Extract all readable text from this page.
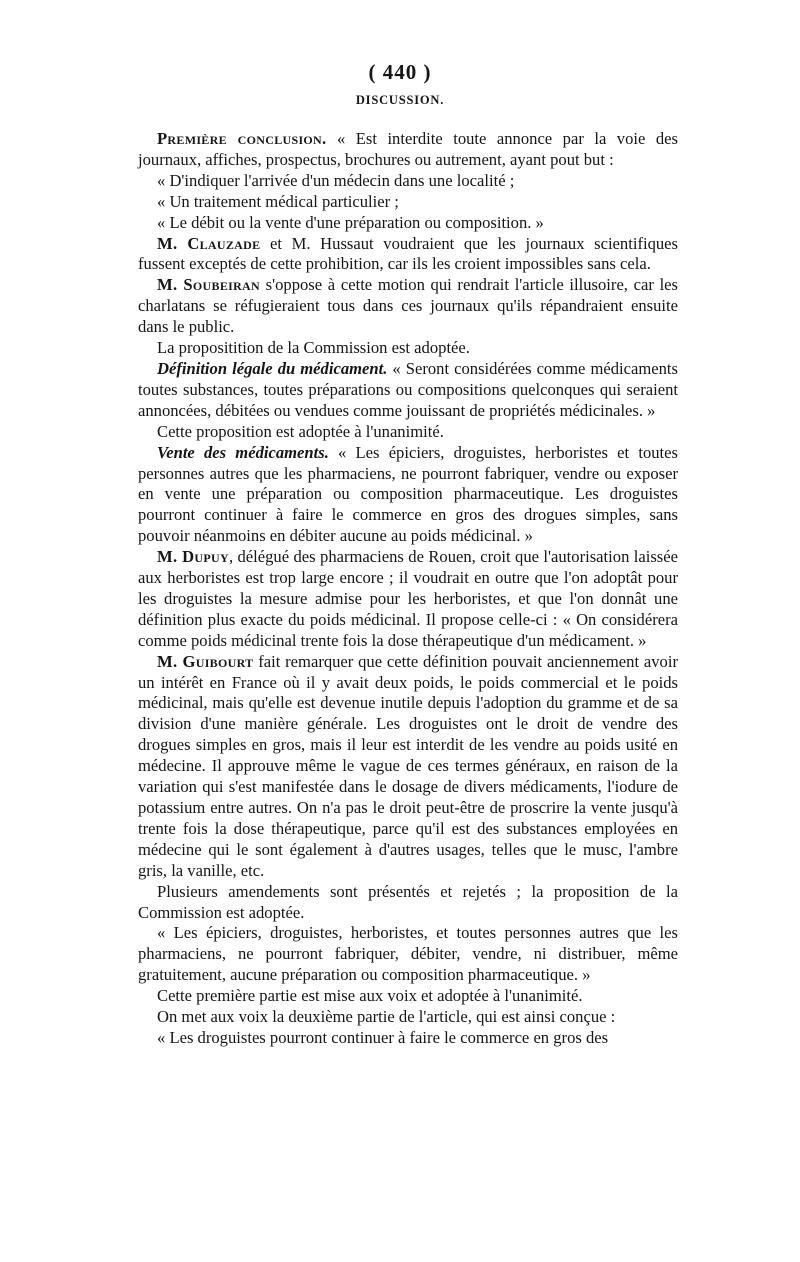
( 440 )
DISCUSSION.

Première conclusion. « Est interdite toute annonce par la voie des journaux, affiches, prospectus, brochures ou autrement, ayant pout but :

« D'indiquer l'arrivée d'un médecin dans une localité ;

« Un traitement médical particulier ;

« Le débit ou la vente d'une préparation ou composition. »

M. Clauzade et M. Hussaut voudraient que les journaux scientifiques fussent exceptés de cette prohibition, car ils les croient impossibles sans cela.

M. Soubeiran s'oppose à cette motion qui rendrait l'article illusoire, car les charlatans se réfugieraient tous dans ces journaux qu'ils répandraient ensuite dans le public.

La propositition de la Commission est adoptée.

Définition légale du médicament. « Seront considérées comme médicaments toutes substances, toutes préparations ou compositions quelconques qui seraient annoncées, débitées ou vendues comme jouissant de propriétés médicinales. »

Cette proposition est adoptée à l'unanimité.

Vente des médicaments. « Les épiciers, droguistes, herboristes et toutes personnes autres que les pharmaciens, ne pourront fabriquer, vendre ou exposer en vente une préparation ou composition pharmaceutique. Les droguistes pourront continuer à faire le commerce en gros des drogues simples, sans pouvoir néanmoins en débiter aucune au poids médicinal. »

M. Dupuy, délégué des pharmaciens de Rouen, croit que l'autorisation laissée aux herboristes est trop large encore ; il voudrait en outre que l'on adoptât pour les droguistes la mesure admise pour les herboristes, et que l'on donnât une définition plus exacte du poids médicinal. Il propose celle-ci : « On considérera comme poids médicinal trente fois la dose thérapeutique d'un médicament. »

M. Guibourt fait remarquer que cette définition pouvait anciennement avoir un intérêt en France où il y avait deux poids, le poids commercial et le poids médicinal, mais qu'elle est devenue inutile depuis l'adoption du gramme et de sa division d'une manière générale. Les droguistes ont le droit de vendre des drogues simples en gros, mais il leur est interdit de les vendre au poids usité en médecine. Il approuve même le vague de ces termes généraux, en raison de la variation qui s'est manifestée dans le dosage de divers médicaments, l'iodure de potassium entre autres. On n'a pas le droit peut-être de proscrire la vente jusqu'à trente fois la dose thérapeutique, parce qu'il est des substances employées en médecine qui le sont également à d'autres usages, telles que le musc, l'ambre gris, la vanille, etc.

Plusieurs amendements sont présentés et rejetés ; la proposition de la Commission est adoptée.

« Les épiciers, droguistes, herboristes, et toutes personnes autres que les pharmaciens, ne pourront fabriquer, débiter, vendre, ni distribuer, même gratuitement, aucune préparation ou composition pharmaceutique. »

Cette première partie est mise aux voix et adoptée à l'unanimité.

On met aux voix la deuxième partie de l'article, qui est ainsi conçue :

« Les droguistes pourront continuer à faire le commerce en gros des
